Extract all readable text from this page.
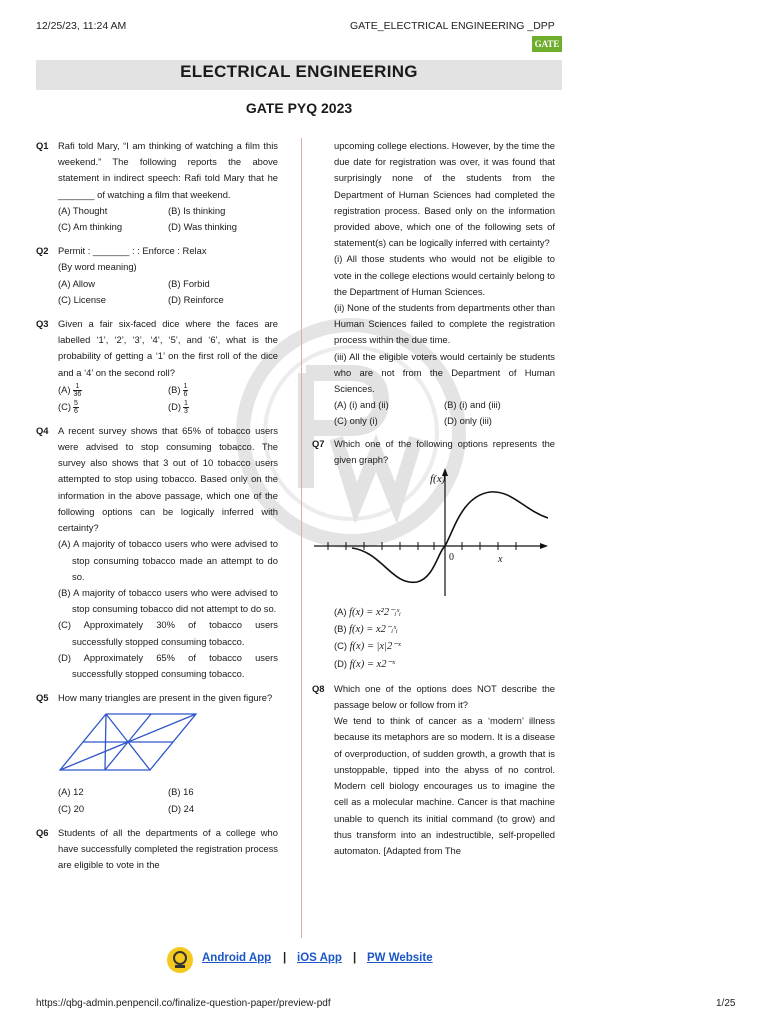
12/25/23, 11:24 AM	GATE_ELECTRICAL ENGINEERING _DPP
GATE
ELECTRICAL ENGINEERING
GATE PYQ 2023
Q1 Rafi told Mary, “I am thinking of watching a film this weekend.” The following reports the above statement in indirect speech: Rafi told Mary that he _______ of watching a film that weekend.
(A) Thought	(B) Is thinking
(C) Am thinking	(D) Was thinking
Q2 Permit : _______ : : Enforce : Relax
(By word meaning)
(A) Allow	(B) Forbid
(C) License	(D) Reinforce
Q3 Given a fair six-faced dice where the faces are labelled ‘1’, ‘2’, ‘3’, ‘4’, ‘5’, and ‘6’, what is the probability of getting a ‘1’ on the first roll of the dice and a ‘4’ on the second roll?
$(A) \frac{1}{36}$	$(B) \frac{1}{6}$
$(C) \frac{5}{6}$	$(D) \frac{1}{3}$
Q4 A recent survey shows that 65% of tobacco users were advised to stop consuming tobacco. The survey also shows that 3 out of 10 tobacco users attempted to stop using tobacco. Based only on the information in the above passage, which one of the following options can be logically inferred with certainty?
(A) A majority of tobacco users who were advised to stop consuming tobacco made an attempt to do so.
(B) A majority of tobacco users who were advised to stop consuming tobacco did not attempt to do so.
(C) Approximately 30% of tobacco users successfully stopped consuming tobacco.
(D) Approximately 65% of tobacco users successfully stopped consuming tobacco.
Q5 How many triangles are present in the given figure?
(A) 12	(B) 16
(C) 20	(D) 24
Q6 Students of all the departments of a college who have successfully completed the registration process are eligible to vote in the
upcoming college elections. However, by the time the due date for registration was over, it was found that surprisingly none of the students from the Department of Human Sciences had completed the registration process. Based only on the information provided above, which one of the following sets of statement(s) can be logically inferred with certainty?
(i) All those students who would not be eligible to vote in the college elections would certainly belong to the Department of Human Sciences.
(ii) None of the students from departments other than Human Sciences failed to complete the registration process within the due time.
(iii) All the eligible voters would certainly be students who are not from the Department of Human Sciences.
(A) (i) and (ii)	(B) (i) and (iii)
(C) only (i)	(D) only (iii)
Q7 Which one of the following options represents the given graph?
f(x)
0	x
(A) f(x) = x²2⁻ᵢˣᵢ
(B) f(x) = x2⁻ᵢˣᵢ
(C) f(x) = |x|2⁻ˣ
(D) f(x) = x2⁻ˣ
Q8 Which one of the options does NOT describe the passage below or follow from it?
We tend to think of cancer as a ‘modern’ illness because its metaphors are so modern. It is a disease of overproduction, of sudden growth, a growth that is unstoppable, tipped into the abyss of no control. Modern cell biology encourages us to imagine the cell as a molecular machine. Cancer is that machine unable to quench its initial command (to grow) and thus transform into an indestructible, self-propelled automaton. [Adapted from The
Android App | iOS App | PW Website
https://qbg-admin.penpencil.co/finalize-question-paper/preview-pdf	1/25
